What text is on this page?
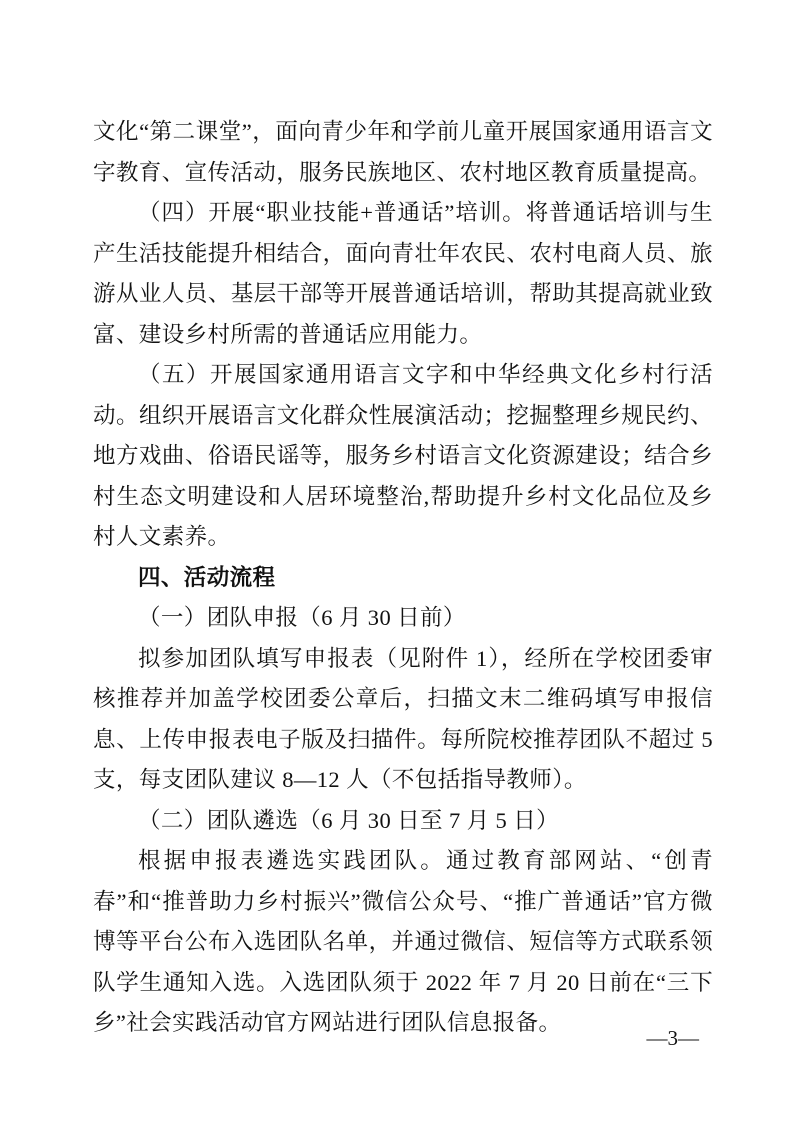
文化“第二课堂”，面向青少年和学前儿童开展国家通用语言文字教育、宣传活动，服务民族地区、农村地区教育质量提高。

（四）开展“职业技能+普通话”培训。将普通话培训与生产生活技能提升相结合，面向青壮年农民、农村电商人员、旅游从业人员、基层干部等开展普通话培训，帮助其提高就业致富、建设乡村所需的普通话应用能力。

（五）开展国家通用语言文字和中华经典文化乡村行活动。组织开展语言文化群众性展演活动；挖掘整理乡规民约、地方戏曲、俗语民谣等，服务乡村语言文化资源建设；结合乡村生态文明建设和人居环境整治,帮助提升乡村文化品位及乡村人文素养。

四、活动流程

（一）团队申报（6 月 30 日前）

拟参加团队填写申报表（见附件 1），经所在学校团委审核推荐并加盖学校团委公章后，扫描文末二维码填写申报信息、上传申报表电子版及扫描件。每所院校推荐团队不超过 5 支，每支团队建议 8—12 人（不包括指导教师）。

（二）团队遴选（6 月 30 日至 7 月 5 日）

根据申报表遴选实践团队。通过教育部网站、“创青春”和“推普助力乡村振兴”微信公众号、“推广普通话”官方微博等平台公布入选团队名单，并通过微信、短信等方式联系领队学生通知入选。入选团队须于 2022 年 7 月 20 日前在“三下乡”社会实践活动官方网站进行团队信息报备。

—3—
